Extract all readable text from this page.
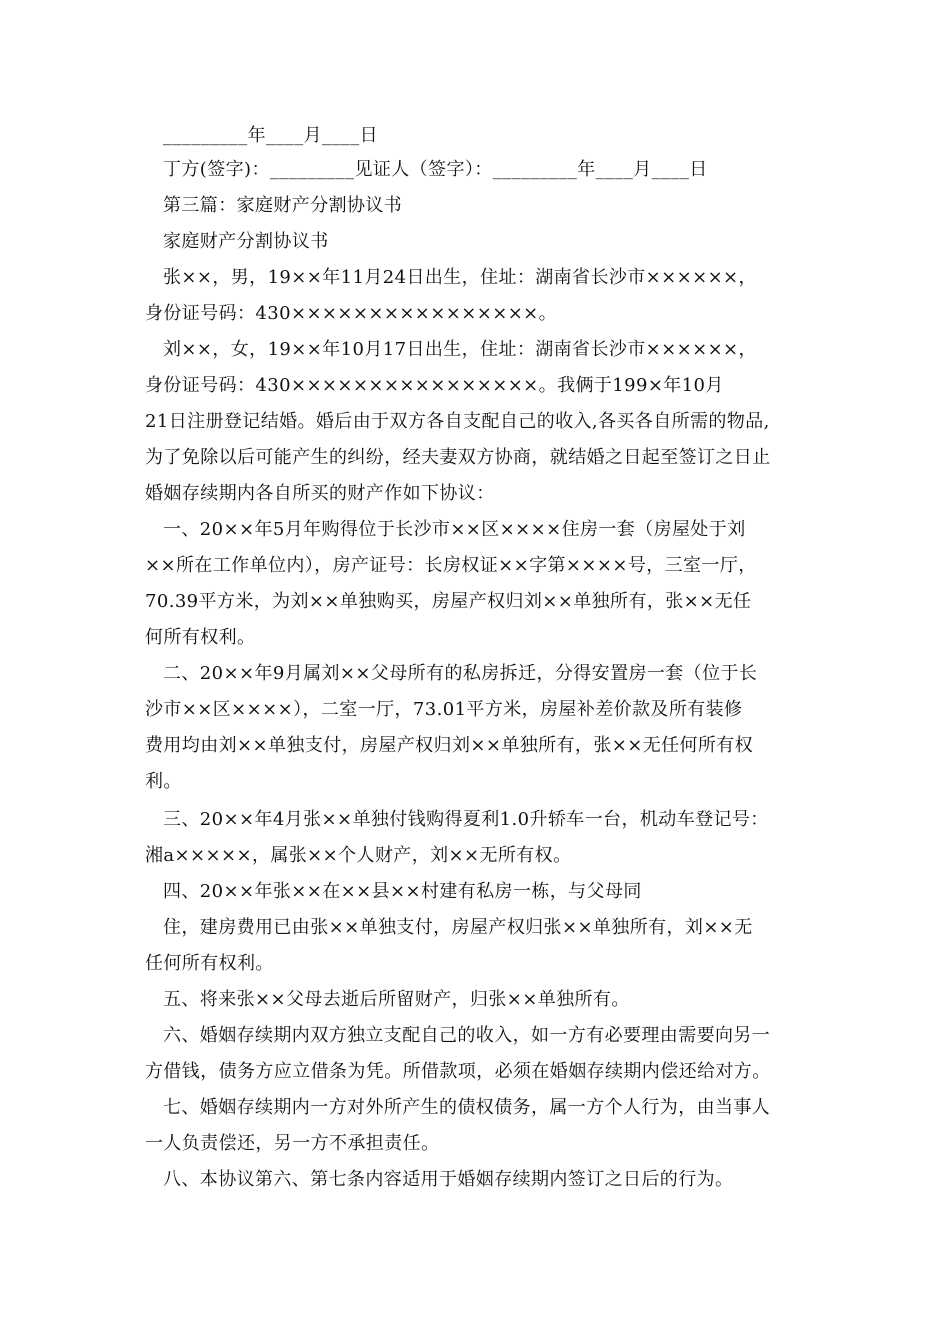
_________年____月____日
丁方(签字)：_________见证人（签字）：_________年____月____日
第三篇：家庭财产分割协议书
家庭财产分割协议书
张××，男，19××年11月24日出生，住址：湖南省长沙市××××××，
身份证号码：430××××××××××××××××。
刘××，女，19××年10月17日出生，住址：湖南省长沙市××××××，
身份证号码：430××××××××××××××××。我俩于199×年10月
21日注册登记结婚。婚后由于双方各自支配自己的收入,各买各自所需的物品,
为了免除以后可能产生的纠纷，经夫妻双方协商，就结婚之日起至签订之日止
婚姻存续期内各自所买的财产作如下协议：
一、20××年5月年购得位于长沙市××区××××住房一套（房屋处于刘
××所在工作单位内），房产证号：长房权证××字第××××号，三室一厅，
70.39平方米，为刘××单独购买，房屋产权归刘××单独所有，张××无任
何所有权利。
二、20××年9月属刘××父母所有的私房拆迁，分得安置房一套（位于长
沙市××区××××），二室一厅，73.01平方米，房屋补差价款及所有装修
费用均由刘××单独支付，房屋产权归刘××单独所有，张××无任何所有权
利。
三、20××年4月张××单独付钱购得夏利1.0升轿车一台，机动车登记号：
湘a×××××，属张××个人财产，刘××无所有权。
四、20××年张××在××县××村建有私房一栋，与父母同
住，建房费用已由张××单独支付，房屋产权归张××单独所有，刘××无
任何所有权利。
五、将来张××父母去逝后所留财产，归张××单独所有。
六、婚姻存续期内双方独立支配自己的收入，如一方有必要理由需要向另一
方借钱，债务方应立借条为凭。所借款项，必须在婚姻存续期内偿还给对方。
七、婚姻存续期内一方对外所产生的债权债务，属一方个人行为，由当事人
一人负责偿还，另一方不承担责任。
八、本协议第六、第七条内容适用于婚姻存续期内签订之日后的行为。
